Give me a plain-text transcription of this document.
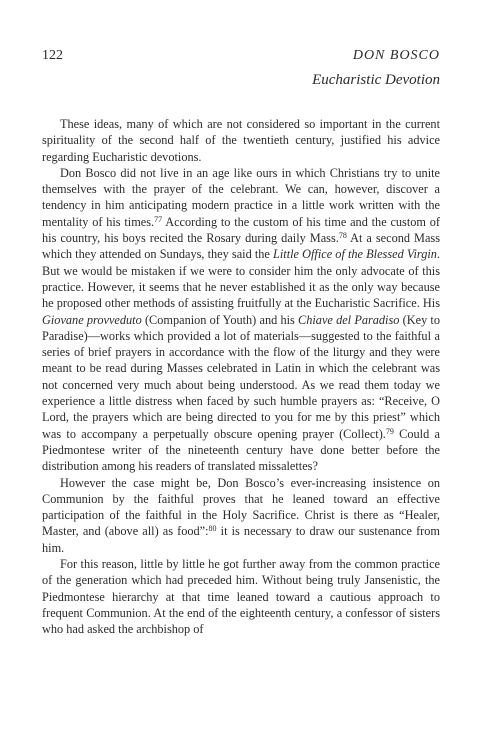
122	DON BOSCO
Eucharistic Devotion

These ideas, many of which are not considered so important in the current spirituality of the second half of the twentieth century, justified his advice regarding Eucharistic devotions.

Don Bosco did not live in an age like ours in which Christians try to unite themselves with the prayer of the celebrant. We can, however, discover a tendency in him anticipating modern practice in a little work written with the mentality of his times.$^{77}$ According to the custom of his time and the custom of his country, his boys recited the Rosary during daily Mass.$^{78}$ At a second Mass which they attended on Sundays, they said the Little Office of the Blessed Virgin. But we would be mistaken if we were to consider him the only advocate of this practice. However, it seems that he never established it as the only way because he proposed other methods of assisting fruitfully at the Eucharistic Sacrifice. His Giovane provveduto (Companion of Youth) and his Chiave del Paradiso (Key to Paradise)—works which provided a lot of materials—suggested to the faithful a series of brief prayers in accordance with the flow of the liturgy and they were meant to be read during Masses celebrated in Latin in which the celebrant was not concerned very much about being understood. As we read them today we experience a little distress when faced by such humble prayers as: “Receive, O Lord, the prayers which are being directed to you for me by this priest” which was to accompany a perpetually obscure opening prayer (Collect).$^{79}$ Could a Piedmontese writer of the nineteenth century have done better before the distribution among his readers of translated missalettes?

However the case might be, Don Bosco’s ever-increasing insistence on Communion by the faithful proves that he leaned toward an effective participation of the faithful in the Holy Sacrifice. Christ is there as “Healer, Master, and (above all) as food”:$^{80}$ it is necessary to draw our sustenance from him.

For this reason, little by little he got further away from the common practice of the generation which had preceded him. Without being truly Jansenistic, the Piedmontese hierarchy at that time leaned toward a cautious approach to frequent Communion. At the end of the eighteenth century, a confessor of sisters who had asked the archbishop of
